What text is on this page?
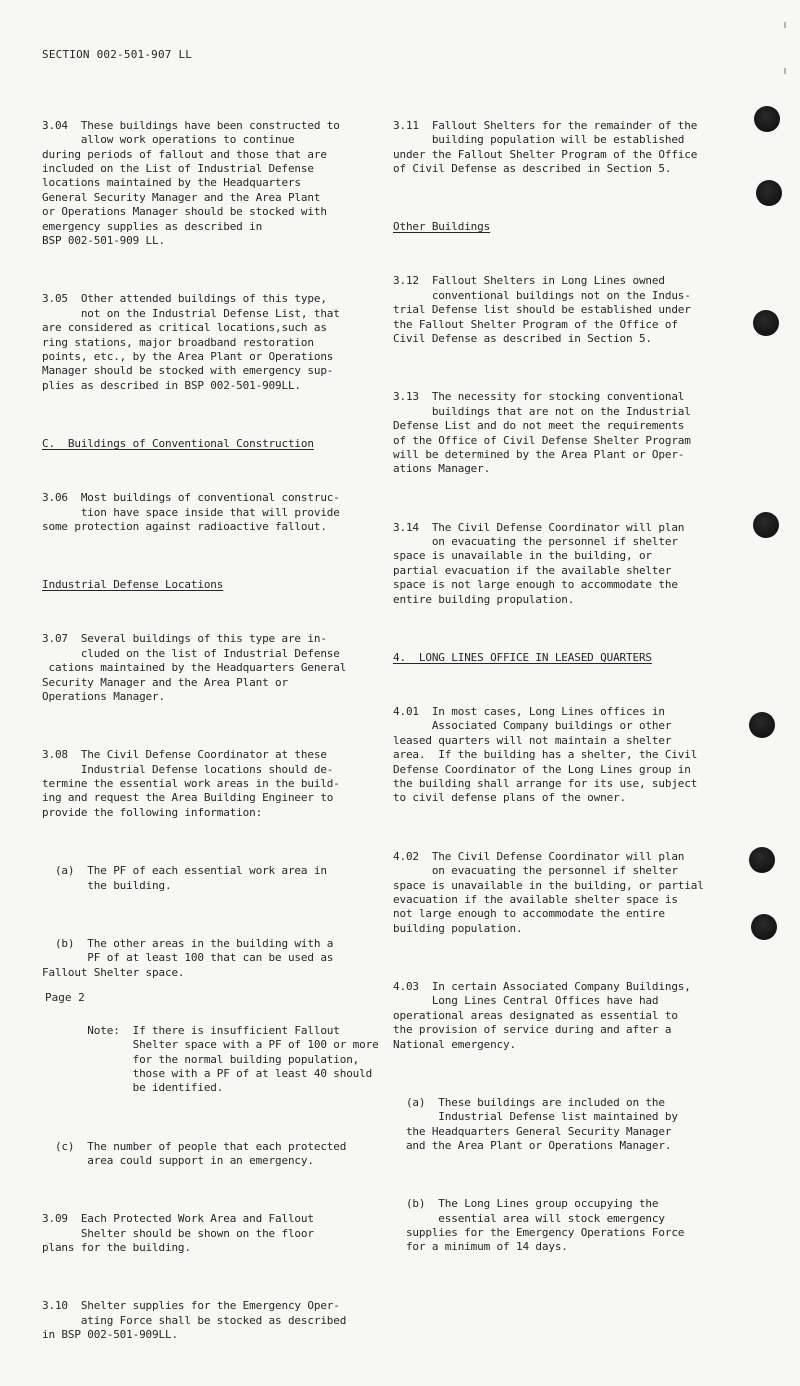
SECTION 002-501-907 LL

3.04  These buildings have been constructed to
allow work operations to continue
during periods of fallout and those that are
included on the List of Industrial Defense
locations maintained by the Headquarters
General Security Manager and the Area Plant
or Operations Manager should be stocked with
emergency supplies as described in
BSP 002-501-909 LL.

3.05  Other attended buildings of this type,
not on the Industrial Defense List, that
are considered as critical locations,such as
ring stations, major broadband restoration
points, etc., by the Area Plant or Operations
Manager should be stocked with emergency sup-
plies as described in BSP 002-501-909LL.

C.  Buildings of Conventional Construction

3.06  Most buildings of conventional construc-
tion have space inside that will provide
some protection against radioactive fallout.

Industrial Defense Locations

3.07  Several buildings of this type are in-
cluded on the list of Industrial Defense
cations maintained by the Headquarters General
Security Manager and the Area Plant or
Operations Manager.

3.08  The Civil Defense Coordinator at these
Industrial Defense locations should de-
termine the essential work areas in the build-
ing and request the Area Building Engineer to
provide the following information:

(a)  The PF of each essential work area in
the building.

(b)  The other areas in the building with a
PF of at least 100 that can be used as
Fallout Shelter space.

Note:  If there is insufficient Fallout
Shelter space with a PF of 100 or more
for the normal building population,
those with a PF of at least 40 should
be identified.

(c)  The number of people that each protected
area could support in an emergency.

3.09  Each Protected Work Area and Fallout
Shelter should be shown on the floor
plans for the building.

3.10  Shelter supplies for the Emergency Oper-
ating Force shall be stocked as described
in BSP 002-501-909LL.

3.11  Fallout Shelters for the remainder of the
building population will be established
under the Fallout Shelter Program of the Office
of Civil Defense as described in Section 5.

Other Buildings

3.12  Fallout Shelters in Long Lines owned
conventional buildings not on the Indus-
trial Defense list should be established under
the Fallout Shelter Program of the Office of
Civil Defense as described in Section 5.

3.13  The necessity for stocking conventional
buildings that are not on the Industrial
Defense List and do not meet the requirements
of the Office of Civil Defense Shelter Program
will be determined by the Area Plant or Oper-
ations Manager.

3.14  The Civil Defense Coordinator will plan
on evacuating the personnel if shelter
space is unavailable in the building, or
partial evacuation if the available shelter
space is not large enough to accommodate the
entire building propulation.

4.  LONG LINES OFFICE IN LEASED QUARTERS

4.01  In most cases, Long Lines offices in
Associated Company buildings or other
leased quarters will not maintain a shelter
area.  If the building has a shelter, the Civil
Defense Coordinator of the Long Lines group in
the building shall arrange for its use, subject
to civil defense plans of the owner.

4.02  The Civil Defense Coordinator will plan
on evacuating the personnel if shelter
space is unavailable in the building, or partial
evacuation if the available shelter space is
not large enough to accommodate the entire
building population.

4.03  In certain Associated Company Buildings,
Long Lines Central Offices have had
operational areas designated as essential to
the provision of service during and after a
National emergency.

(a)  These buildings are included on the
Industrial Defense list maintained by
the Headquarters General Security Manager
and the Area Plant or Operations Manager.

(b)  The Long Lines group occupying the
essential area will stock emergency
supplies for the Emergency Operations Force
for a minimum of 14 days.

Page 2
